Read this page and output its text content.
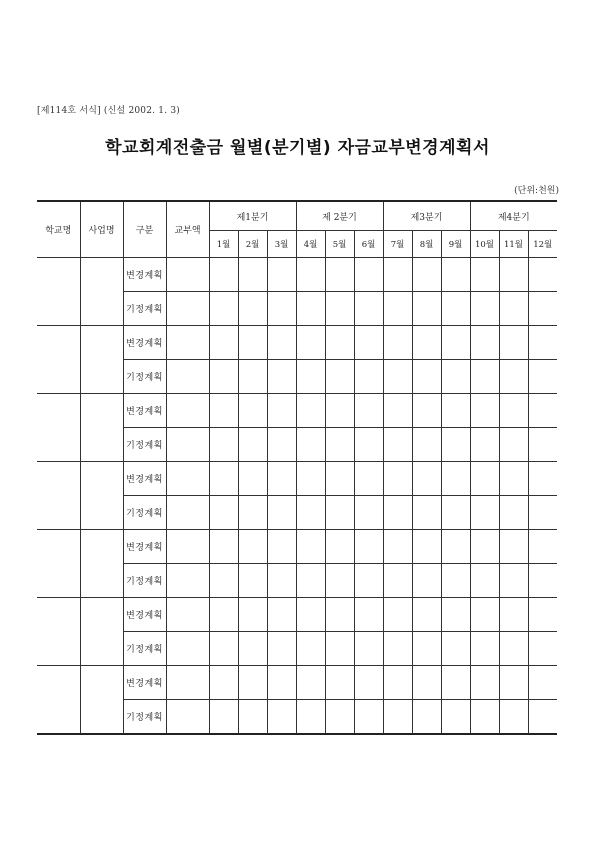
[제114호 서식] (신설 2002. 1. 3)
학교회계전출금 월별(분기별) 자금교부변경계획서
(단위:천원)
학교명	사업명	구분	교부액	제1분기			제 2분기			제3분기			제4분기		
				1월	2월	3월	4월	5월	6월	7월	8월	9월	10월	11월	12월
		변경계획													
		기정계획													
		변경계획													
		기정계획													
		변경계획													
		기정계획													
		변경계획													
		기정계획													
		변경계획													
		기정계획													
		변경계획													
		기정계획													
		변경계획													
		기정계획													
